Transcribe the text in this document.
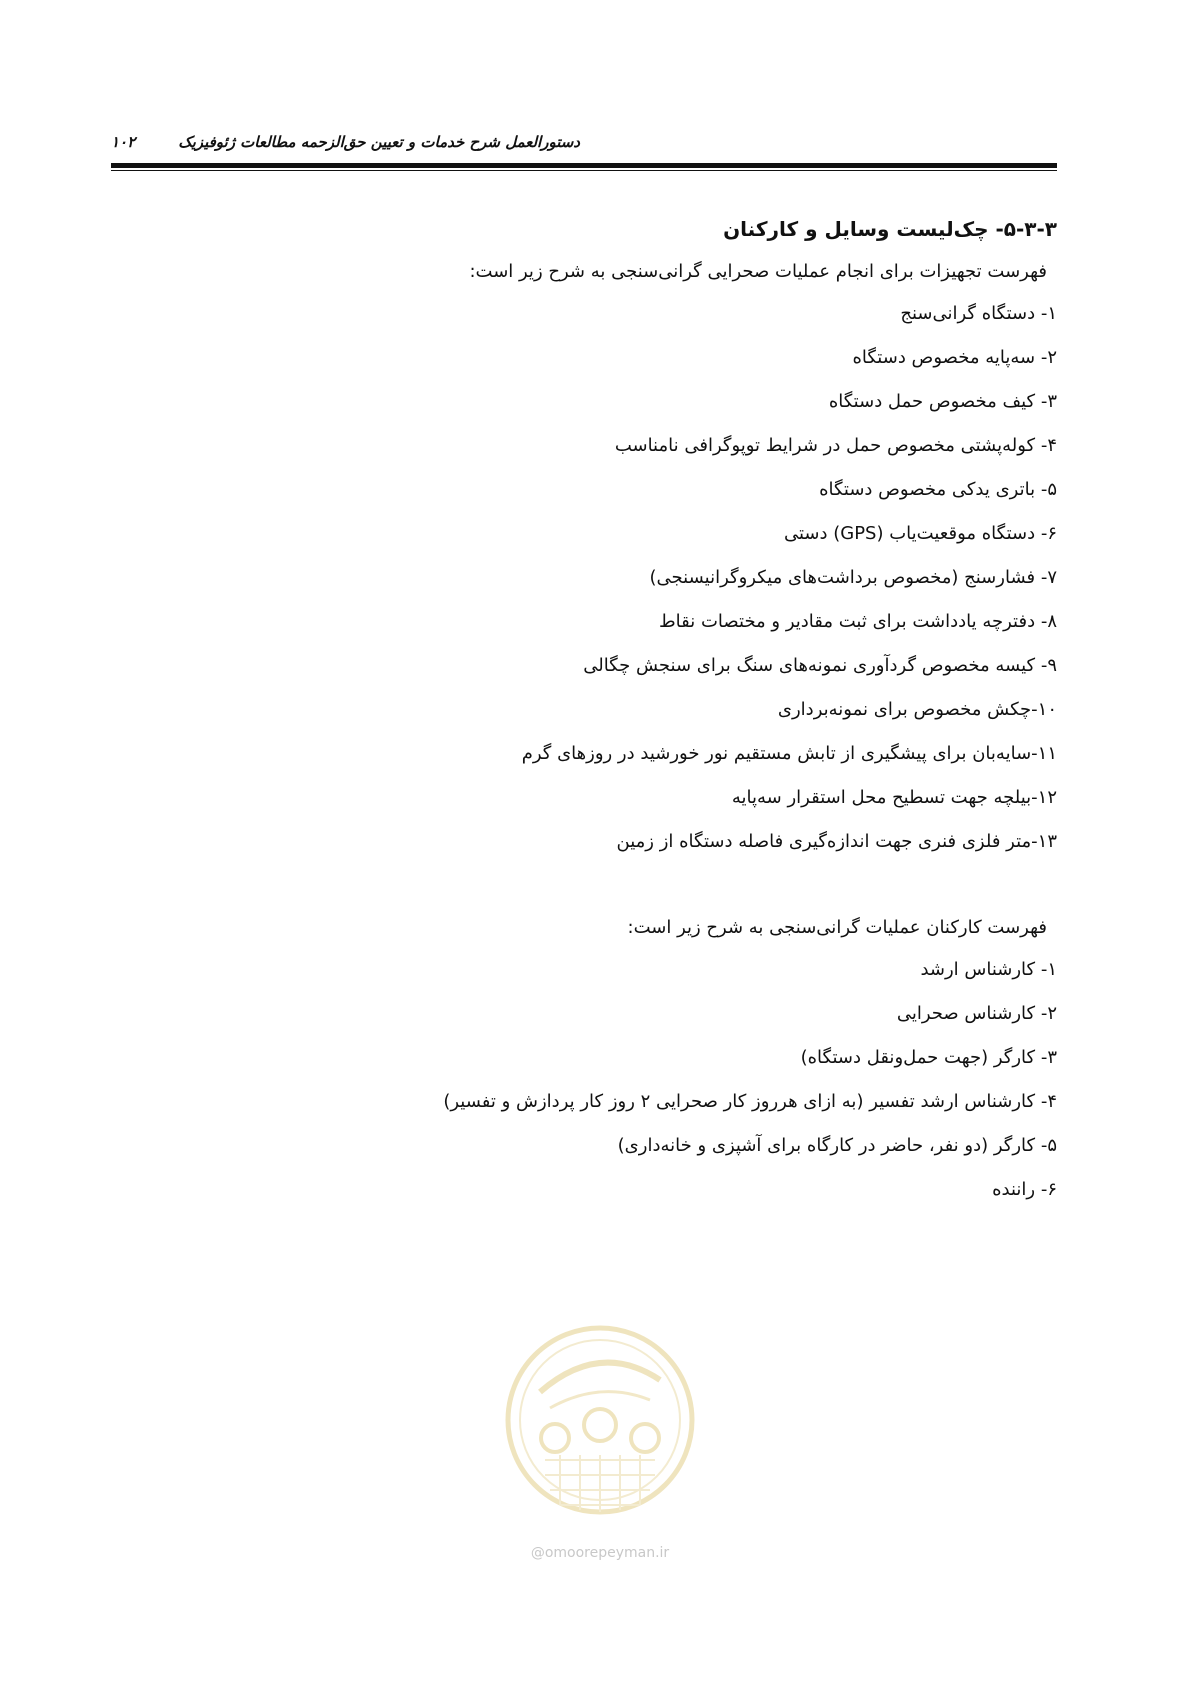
دستورالعمل شرح خدمات و تعیین حق‌الزحمه مطالعات ژئوفیزیک
۱۰۲
۵-۳-۳- چک‌لیست وسایل و کارکنان
فهرست تجهیزات برای انجام عملیات صحرایی گرانی‌سنجی به شرح زیر است:
۱- دستگاه گرانی‌سنج
۲- سه‌پایه مخصوص دستگاه
۳- کیف مخصوص حمل دستگاه
۴- کوله‌پشتی مخصوص حمل در شرایط توپوگرافی نامناسب
۵- باتری یدکی مخصوص دستگاه
۶- دستگاه موقعیت‌یاب (GPS) دستی
۷- فشارسنج (مخصوص برداشت‌های میکروگرانیسنجی)
۸- دفترچه یادداشت برای ثبت مقادیر و مختصات نقاط
۹- کیسه مخصوص گردآوری نمونه‌های سنگ برای سنجش چگالی
۱۰-چکش مخصوص برای نمونه‌برداری
۱۱-سایه‌بان برای پیشگیری از تابش مستقیم نور خورشید در روزهای گرم
۱۲-بیلچه جهت تسطیح محل استقرار سه‌پایه
۱۳-متر فلزی فنری جهت اندازه‌گیری فاصله دستگاه از زمین
فهرست کارکنان عملیات گرانی‌سنجی به شرح زیر است:
۱- کارشناس ارشد
۲- کارشناس صحرایی
۳- کارگر (جهت حمل‌ونقل دستگاه)
۴- کارشناس ارشد تفسیر (به ازای هرروز کار صحرایی ۲ روز کار پردازش و تفسیر)
۵- کارگر (دو نفر، حاضر در کارگاه برای آشپزی و خانه‌داری)
۶- راننده
@omoorepeyman.ir
